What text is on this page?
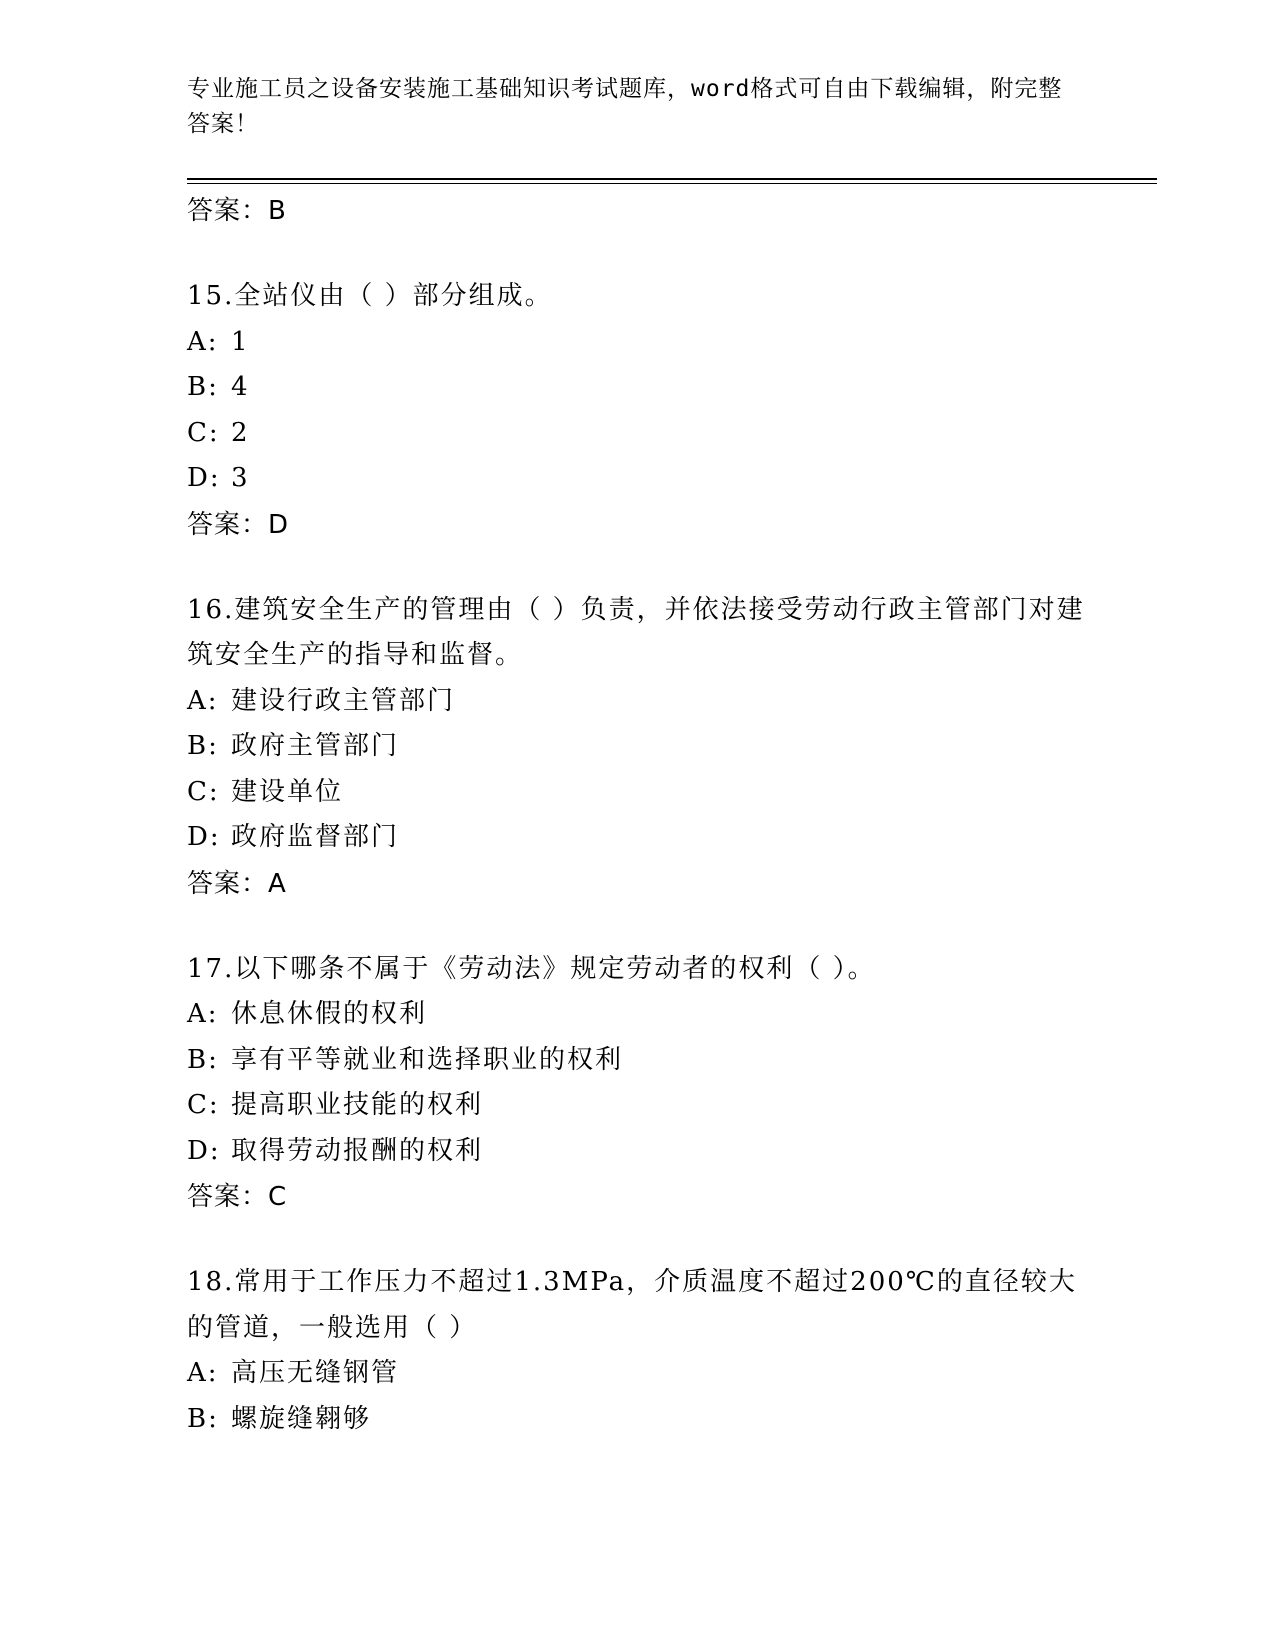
专业施工员之设备安装施工基础知识考试题库，word格式可自由下载编辑，附完整答案！
答案：B
15.全站仪由（ ）部分组成。
A: 1
B: 4
C: 2
D: 3
答案：D
16.建筑安全生产的管理由（ ）负责，并依法接受劳动行政主管部门对建筑安全生产的指导和监督。
A: 建设行政主管部门
B: 政府主管部门
C: 建设单位
D: 政府监督部门
答案：A
17.以下哪条不属于《劳动法》规定劳动者的权利（ ）。
A: 休息休假的权利
B: 享有平等就业和选择职业的权利
C: 提高职业技能的权利
D: 取得劳动报酬的权利
答案：C
18.常用于工作压力不超过1.3MPa，介质温度不超过200℃的直径较大的管道，一般选用（ ）
A: 高压无缝钢管
B: 螺旋缝翱够
